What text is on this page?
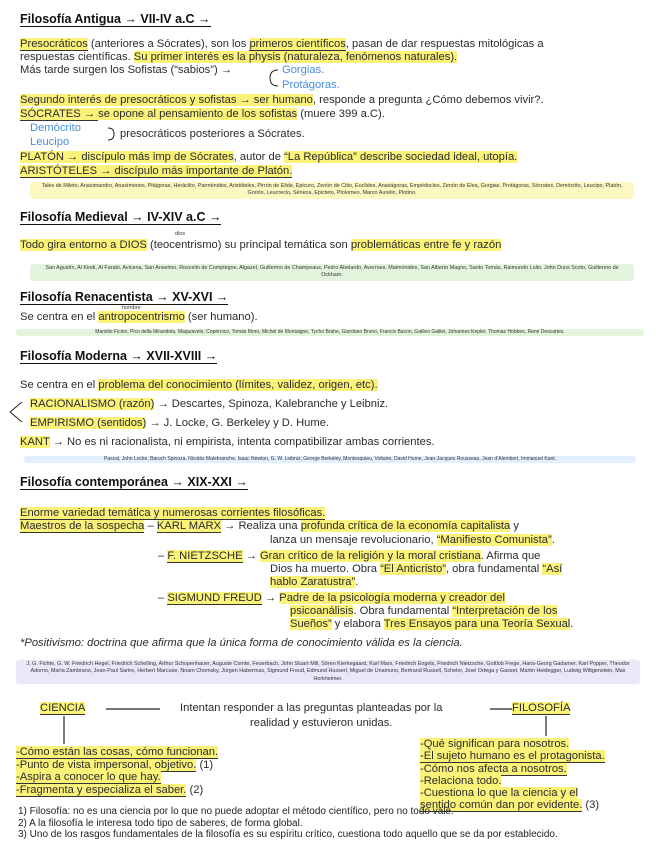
Filosofía Antigua → VII-IV a.C →
Presocráticos (anteriores a Sócrates), son los primeros científicos, pasan de dar respuestas mitológicas a
respuestas científicas. Su primer interés es la physis (naturaleza, fenómenos naturales).
Más tarde surgen los Sofistas (“sabios”) →	Gorgias.
Protágoras.
Segundo interés de presocráticos y sofistas → ser humano, responde a pregunta ¿Cómo debemos vivir?.
SÓCRATES → se opone al pensamiento de los sofistas (muere 399 a.C).
Demócrito
Leucipo
presocráticos posteriores a Sócrates.
PLATÓN → discípulo más imp de Sócrates, autor de “La República” describe sociedad ideal, utopía.
ARISTÓTELES → discípulo más importante de Platón.
Tales de Mileto, Anaximandro, Anaxímenes, Pitágoras, Heráclito, Parménides, Aristóteles, Pirrón de Elide, Epicuro, Zenón de Citio, Euclides, Anaxágoras, Empédocles, Zenón de Elea, Gorgias, Protágoras, Sócrates, Demócrito, Leucipo, Platón, Gorión, Leucrecio, Séneca, Epicteto, Ptolomeo, Marco Aurelio, Plotino.
Filosofía Medieval → IV-XIV a.C →
dios
Todo gira entorno a DIOS (teocentrismo) su principal temática son problemáticas entre fe y razón
San Agustín, Al Kindi, Al Farabi, Avicena, San Anselmo, Roscelin de Compiègne, Algazel, Guillermo de Champeaux, Pedro Abelardo, Averroes, Maimónides, San Alberto Magno, Santo Tomás, Raimundo Lulio, John Duns Scoto, Guillermo de Ockham.
Filosofía Renacentista → XV-XVI →
hombre
Se centra en el antropocentrismo (ser humano).
Marsilio Ficino, Pico della Mirandola, Maquiavelo, Copérnico, Tomás Moro, Michel de Montaigne, Tycho Brahe, Giordano Bruno, Francis Bacon, Galileo Galilei, Johannes Kepler, Thomas Hobbes, René Descartes.
Filosofía Moderna → XVII-XVIII →
Se centra en el problema del conocimiento (límites, validez, origen, etc).
RACIONALISMO (razón) → Descartes, Spinoza, Kalebranche y Leibniz.
EMPIRISMO (sentidos) → J. Locke, G. Berkeley y D. Hume.
KANT → No es ni racionalista, ni empirista, intenta compatibilizar ambas corrientes.
Pascal, John Locke, Baruch Spinoza, Nicolás Malebranche, Isaac Newton, G. W. Leibniz, George Berkeley, Montesquieu, Voltaire, David Hume, Jean-Jacques Rousseau, Jean d’Alembert, Immanuel Kant.
Filosofía contemporánea → XIX-XXI →
Enorme variedad temática y numerosas corrientes filosóficas.
Maestros de la sospecha – KARL MARX → Realiza una profunda crítica de la economía capitalista y
lanza un mensaje revolucionario, “Manifiesto Comunista”.
– F. NIETZSCHE → Gran crítico de la religión y la moral cristiana. Afirma que
Dios ha muerto. Obra “El Anticristo”, obra fundamental “Así
hablo Zaratustra”.
– SIGMUND FREUD → Padre de la psicología moderna y creador del
psicoanálisis. Obra fundamental “Interpretación de los
Sueños” y elabora Tres Ensayos para una Teoría Sexual.
*Positivismo: doctrina que afirma que la única forma de conocimiento válida es la ciencia.
J. G. Fichte, G. W. Friedrich Hegel, Friedrich Schelling, Arthur Schopenhauer, Auguste Comte, Feuerbach, John Stuart Mill, Sören Kierkegaard, Karl Marx, Friedrich Engels, Friedrich Nietzsche, Gottlob Frege, Hans-Georg Gadamer, Karl Popper, Theodor Adorno, María Zambrano, Jean-Paul Sartre, Herbert Marcuse, Noam Chomsky, Jürgen Habermas, Sigmund Freud, Edmund Husserl, Miguel de Unamuno, Bertrand Russell, Scheler, José Ortega y Gasset, Martin Heidegger, Ludwig Wittgenstein, Max Horkheimer.
CIENCIA	FILOSOFÍA
Intentan responder a las preguntas planteadas por la
realidad y estuvieron unidas.
-Cómo están las cosas, cómo funcionan.
-Punto de vista impersonal, objetivo. (1)
-Aspira a conocer lo que hay.
-Fragmenta y especializa el saber. (2)
-Qué significan para nosotros.
-El sujeto humano es el protagonista.
-Cómo nos afecta a nosotros.
-Relaciona todo.
-Cuestiona lo que la ciencia y el
sentido común dan por evidente. (3)
1) Filosofía: no es una ciencia por lo que no puede adoptar el método científico, pero no todo vale.
2) A la filosofía le interesa todo tipo de saberes, de forma global.
3) Uno de los rasgos fundamentales de la filosofía es su espíritu crítico, cuestiona todo aquello que se da por establecido.
